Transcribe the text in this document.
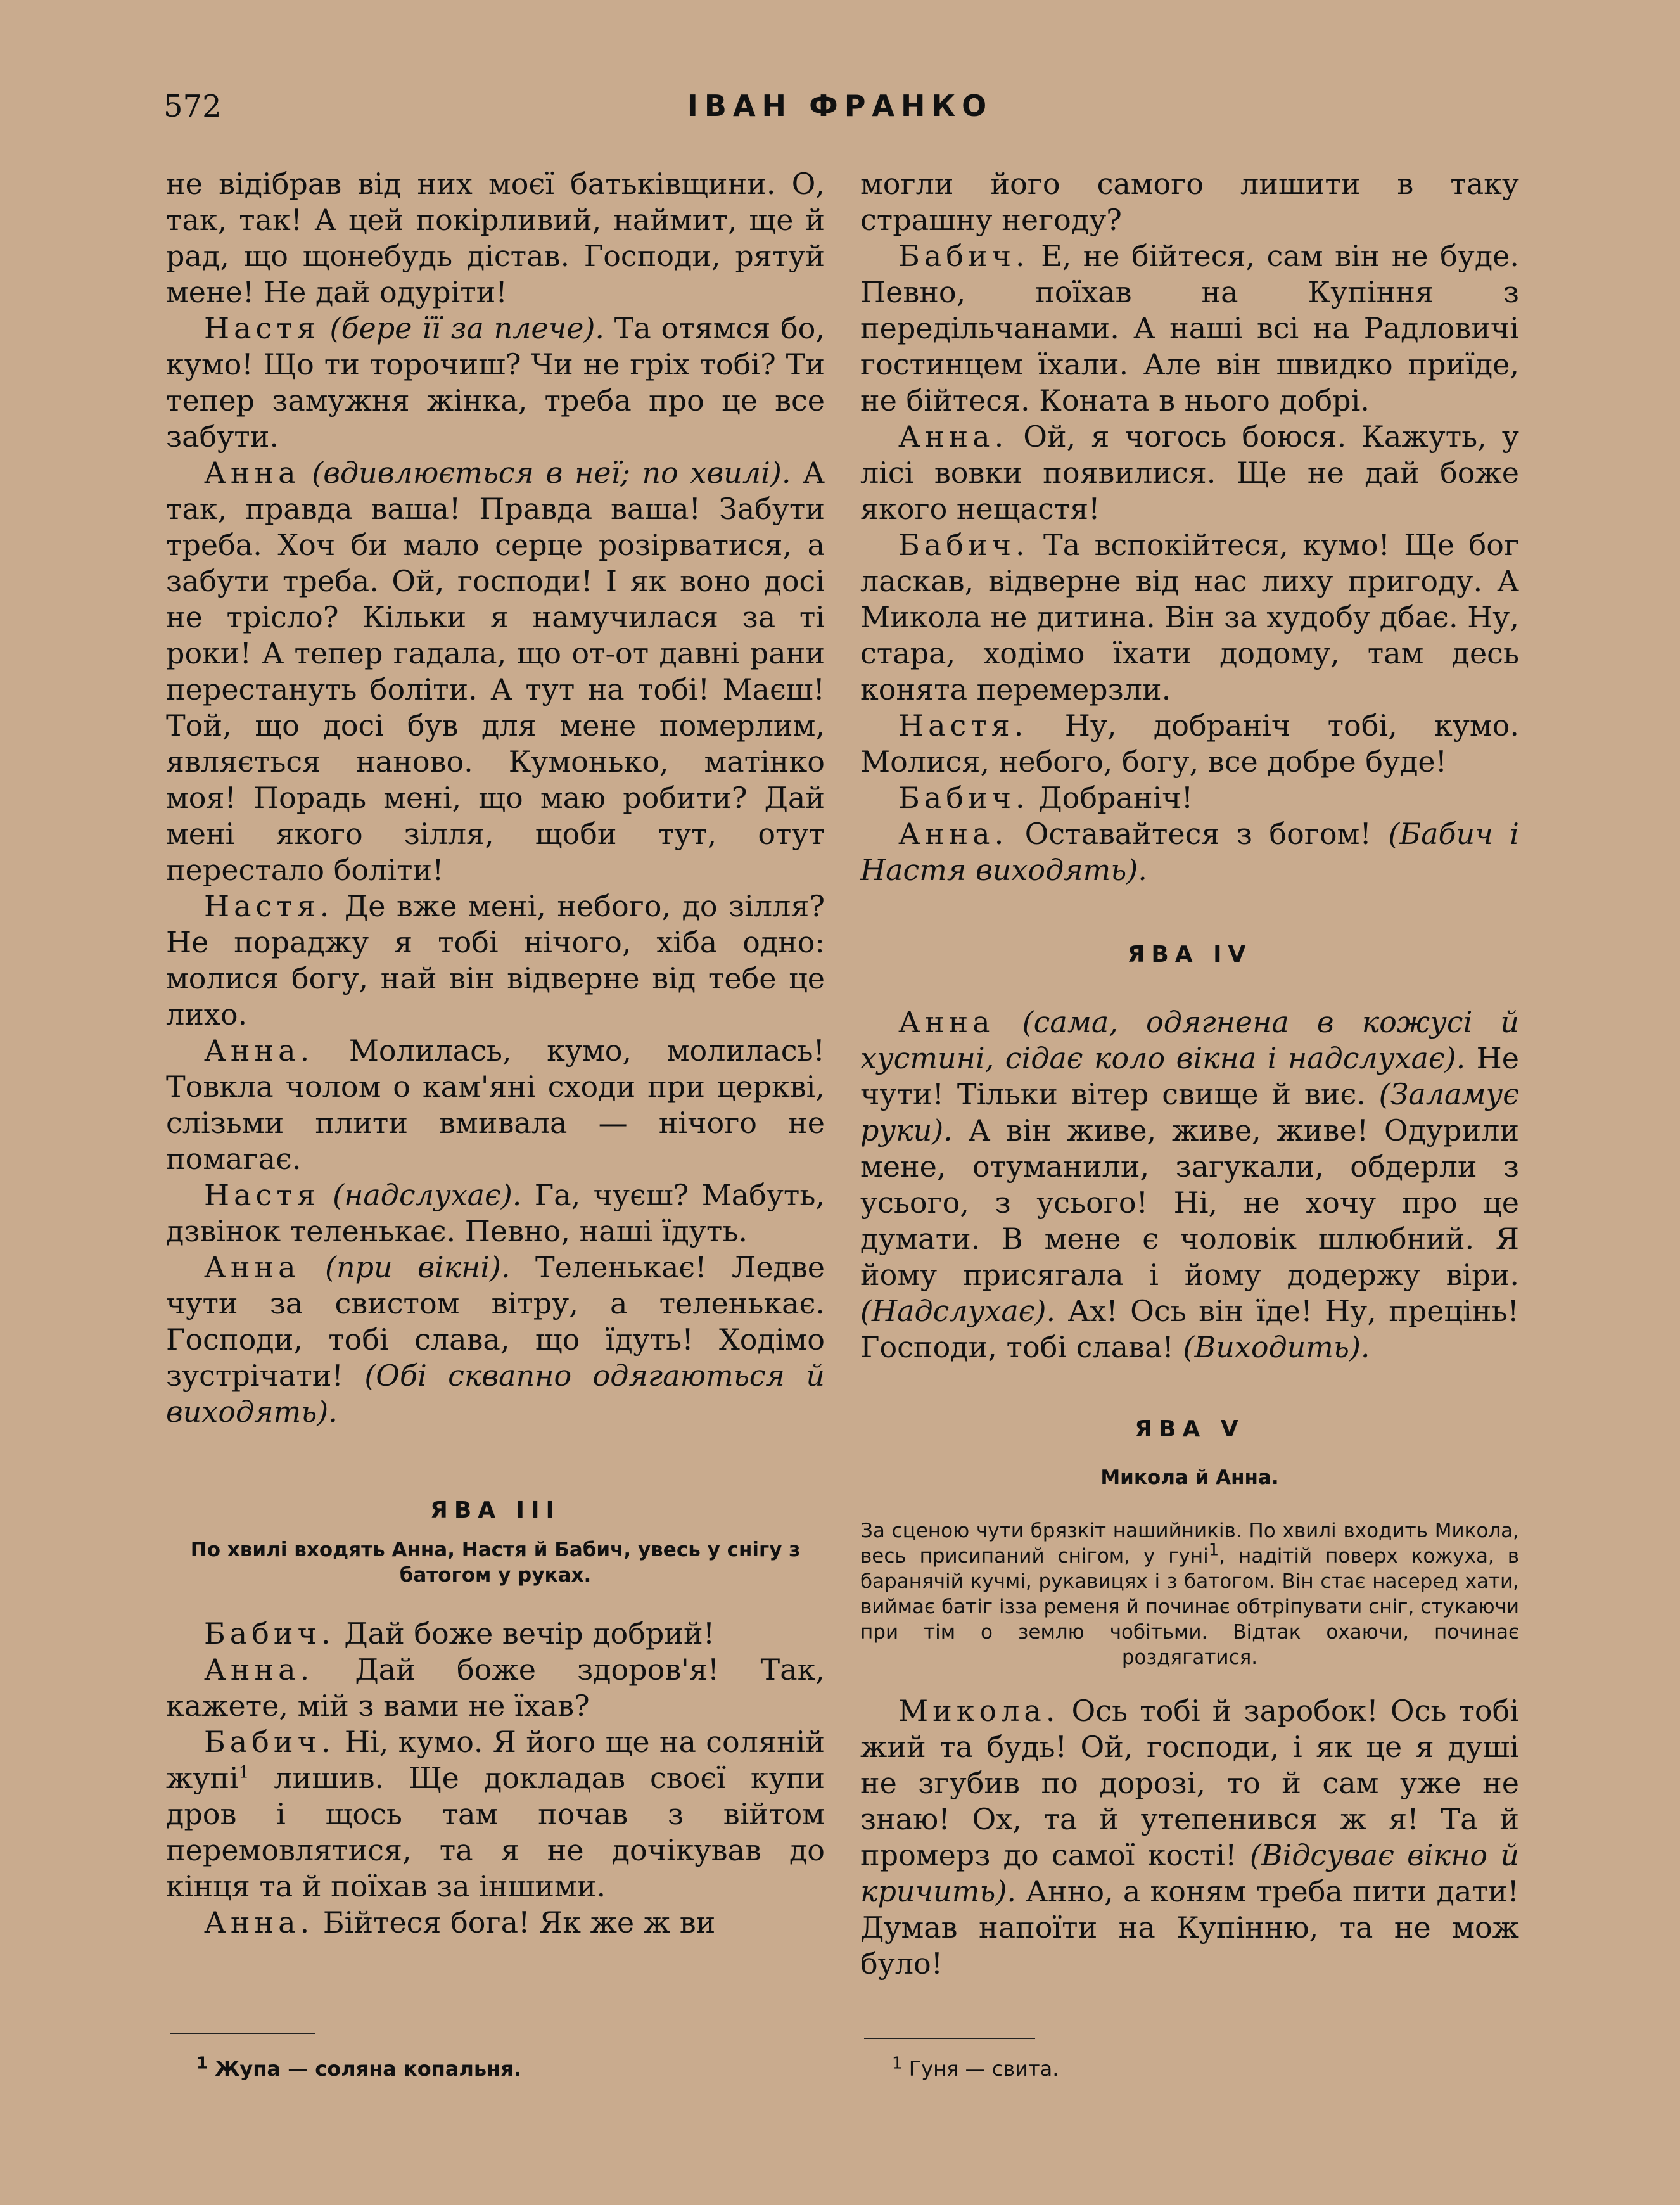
572	ІВАН ФРАНКО

не відібрав від них моєї батьківщини. О, так, так! А цей покірливий, наймит, ще й рад, що щонебудь дістав. Господи, рятуй мене! Не дай одуріти!

Настя (бере її за плече). Та отямся бо, кумо! Що ти торочиш? Чи не гріх тобі? Ти тепер замужня жінка, треба про це все забути.

Анна (вдивлюється в неї; по хвилі). А так, правда ваша! Правда ваша! Забути треба. Хоч би мало серце розірватися, а забути треба. Ой, господи! І як воно досі не трісло? Кільки я намучилася за ті роки! А тепер гадала, що от-от давні рани перестануть боліти. А тут на тобі! Маєш! Той, що досі був для мене померлим, являється наново. Кумонько, матінко моя! Порадь мені, що маю робити? Дай мені якого зілля, щоби тут, отут перестало боліти!

Настя. Де вже мені, небого, до зілля? Не пораджу я тобі нічого, хіба одно: молися богу, най він відверне від тебе це лихо.

Анна. Молилась, кумо, молилась! Товкла чолом о кам'яні сходи при церкві, слізьми плити вмивала — нічого не помагає.

Настя (надслухає). Га, чуєш? Мабуть, дзвінок теленькає. Певно, наші їдуть.

Анна (при вікні). Теленькає! Ледве чути за свистом вітру, а теленькає. Господи, тобі слава, що їдуть! Ходімо зустрічати! (Обі сквапно одягаються й виходять).

ЯВА III
По хвилі входять Анна, Настя й Бабич, увесь у снігу з батогом у руках.

Бабич. Дай боже вечір добрий!

Анна. Дай боже здоров'я! Так, кажете, мій з вами не їхав?

Бабич. Ні, кумо. Я його ще на соляній жупі$^1$ лишив. Ще докладав своєї купи дров і щось там почав з війтом перемовлятися, та я не дочікував до кінця та й поїхав за іншими.

Анна. Бійтеся бога! Як же ж ви

$^1$ Жупа — соляна копальня.

могли його самого лишити в таку страшну негоду?

Бабич. Е, не бійтеся, сам він не буде. Певно, поїхав на Купіння з передільчанами. А наші всі на Радловичі гостинцем їхали. Але він швидко приїде, не бійтеся. Коната в нього добрі.

Анна. Ой, я чогось боюся. Кажуть, у лісі вовки появилися. Ще не дай боже якого нещастя!

Бабич. Та вспокійтеся, кумо! Ще бог ласкав, відверне від нас лиху пригоду. А Микола не дитина. Він за худобу дбає. Ну, стара, ходімо їхати додому, там десь конята перемерзли.

Настя. Ну, добраніч тобі, кумо. Молися, небого, богу, все добре буде!

Бабич. Добраніч!

Анна. Оставайтеся з богом! (Бабич і Настя виходять).

ЯВА IV

Анна (сама, одягнена в кожусі й хустині, сідає коло вікна і надслухає). Не чути! Тільки вітер свище й виє. (Заламує руки). А він живе, живе, живе! Одурили мене, отуманили, загукали, обдерли з усього, з усього! Ні, не хочу про це думати. В мене є чоловік шлюбний. Я йому присягала і йому додержу віри. (Надслухає). Ах! Ось він їде! Ну, прецінь! Господи, тобі слава! (Виходить).

ЯВА V
Микола й Анна.
За сценою чути брязкіт нашийників. По хвилі входить Микола, весь присипаний снігом, у гуні$^1$, надітій поверх кожуха, в баранячій кучмі, рукавицях і з батогом. Він стає насеред хати, виймає батіг ізза ременя й починає обтріпувати сніг, стукаючи при тім о землю чобітьми. Відтак охаючи, починає роздягатися.

Микола. Ось тобі й заробок! Ось тобі жий та будь! Ой, господи, і як це я душі не згубив по дорозі, то й сам уже не знаю! Ох, та й утепенився ж я! Та й промерз до самої кості! (Відсуває вікно й кричить). Анно, а коням треба пити дати! Думав напоїти на Купінню, та не мож було!

$^1$ Гуня — свита.
